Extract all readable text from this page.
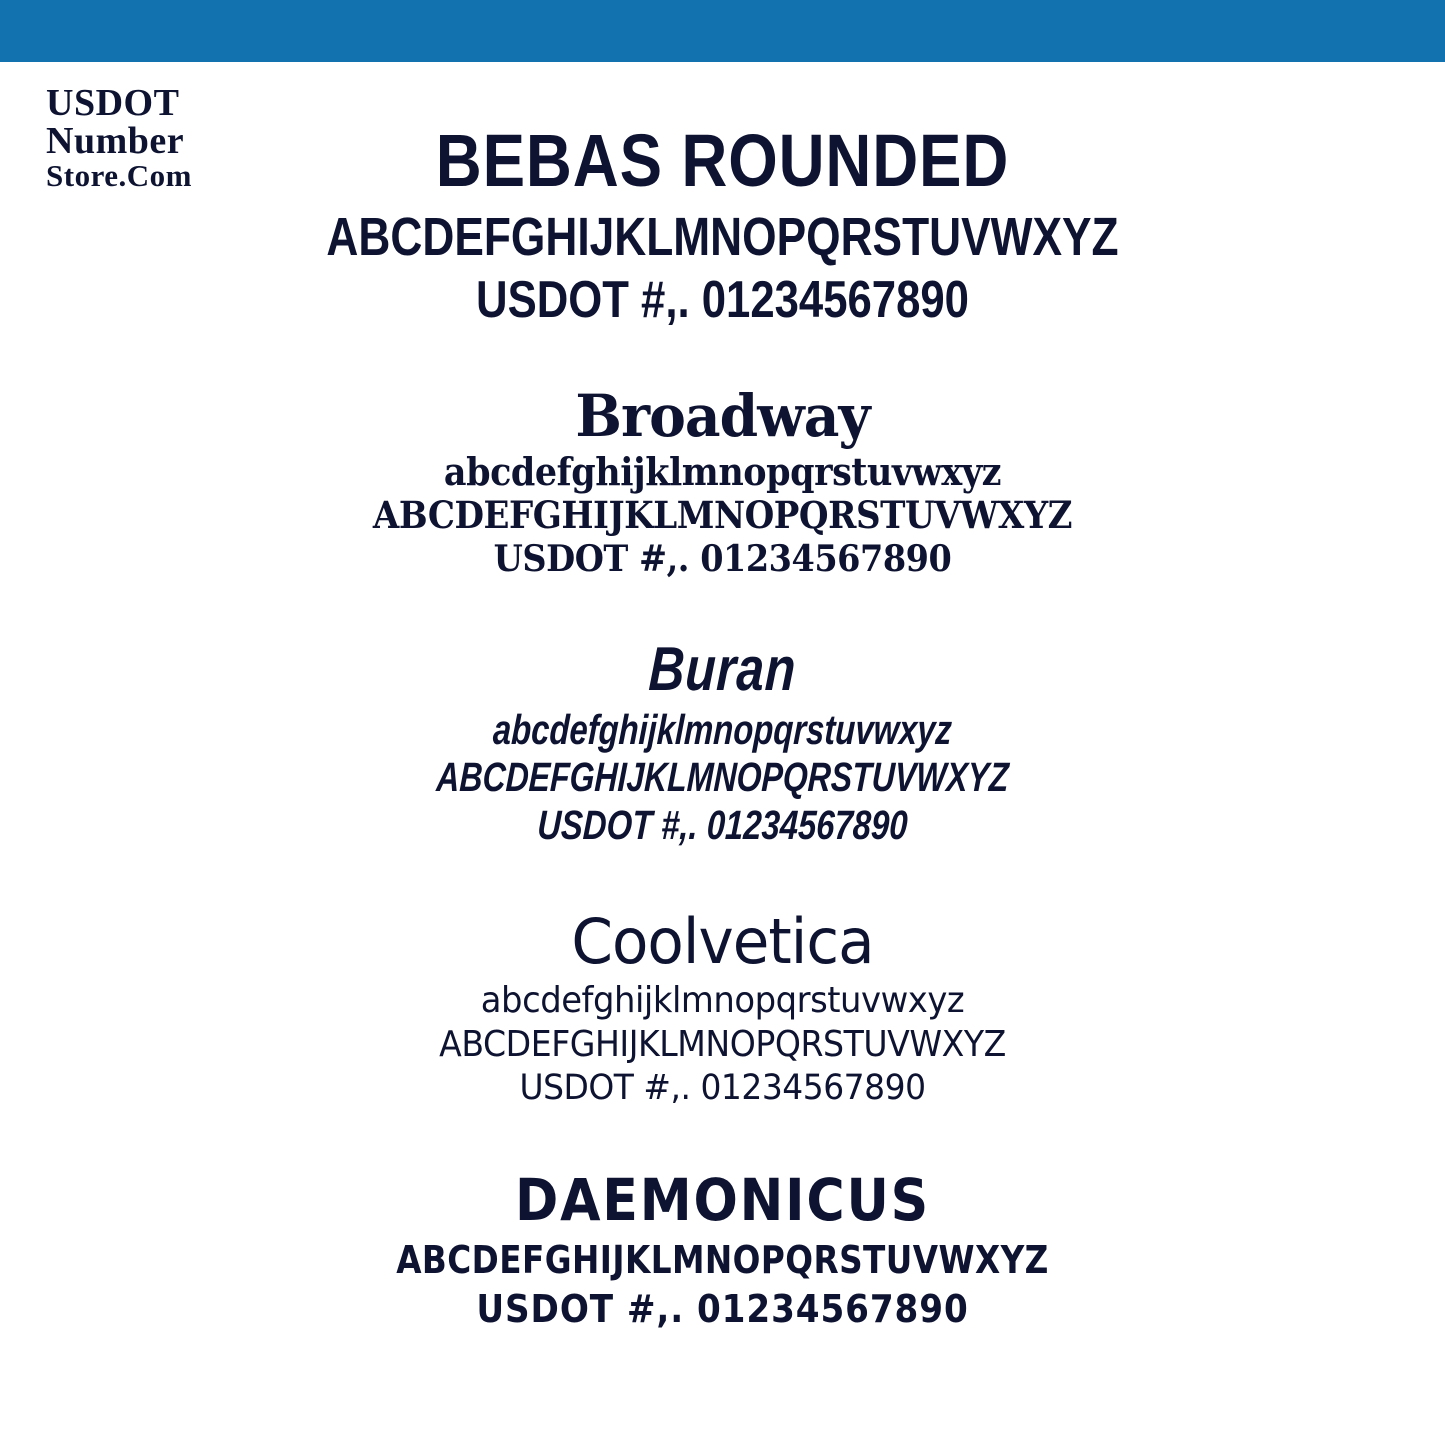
USDOT
Number
Store.Com	BEBAS ROUNDED
ABCDEFGHIJKLMNOPQRSTUVWXYZ
USDOT #,. 01234567890
Broadway
abcdefghijklmnopqrstuvwxyz
ABCDEFGHIJKLMNOPQRSTUVWXYZ
USDOT #,. 01234567890
Buran
abcdefghijklmnopqrstuvwxyz
ABCDEFGHIJKLMNOPQRSTUVWXYZ
USDOT #,. 01234567890
Coolvetica
abcdefghijklmnopqrstuvwxyz
ABCDEFGHIJKLMNOPQRSTUVWXYZ
USDOT #,. 01234567890
DAEMONICUS
ABCDEFGHIJKLMNOPQRSTUVWXYZ
USDOT #,. 01234567890
